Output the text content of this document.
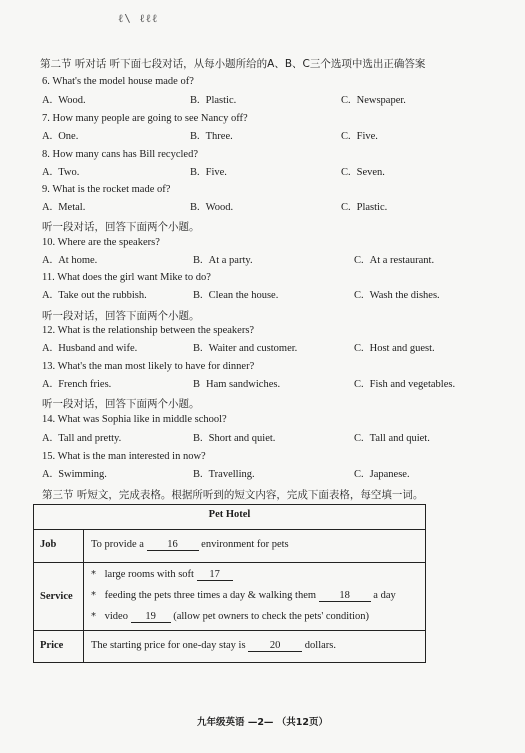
ℓ\ ℓℓℓ
第二节 听对话 听下面七段对话，从每小题所给的A、B、C三个选项中选出正确答案
6. What's the model house made of?
A. Wood.	B. Plastic.	C. Newspaper.
7. How many people are going to see Nancy off?
A. One.	B. Three.	C. Five.
8. How many cans has Bill recycled?
A. Two.	B. Five.	C. Seven.
9. What is the rocket made of?
A. Metal.	B. Wood.	C. Plastic.
听一段对话，回答下面两个小题。
10. Where are the speakers?
A. At home.	B. At a party.	C. At a restaurant.
11. What does the girl want Mike to do?
A. Take out the rubbish.	B. Clean the house.	C. Wash the dishes.
听一段对话，回答下面两个小题。
12. What is the relationship between the speakers?
A. Husband and wife.	B. Waiter and customer.	C. Host and guest.
13. What's the man most likely to have for dinner?
A. French fries.	B Ham sandwiches.	C. Fish and vegetables.
听一段对话，回答下面两个小题。
14. What was Sophia like in middle school?
A. Tall and pretty.	B. Short and quiet.	C. Tall and quiet.
15. What is the man interested in now?
A. Swimming.	B. Travelling.	C. Japanese.
第三节 听短文，完成表格。根据所听到的短文内容，完成下面表格，每空填一词。
Pet Hotel
Job	To provide a 16 environment for pets
Service
* large rooms with soft 17
* feeding the pets three times a day & walking them 18 a day
* video 19 (allow pet owners to check the pets' condition)
Price	The starting price for one-day stay is 20 dollars.
九年级英语 —2— （共12页）
